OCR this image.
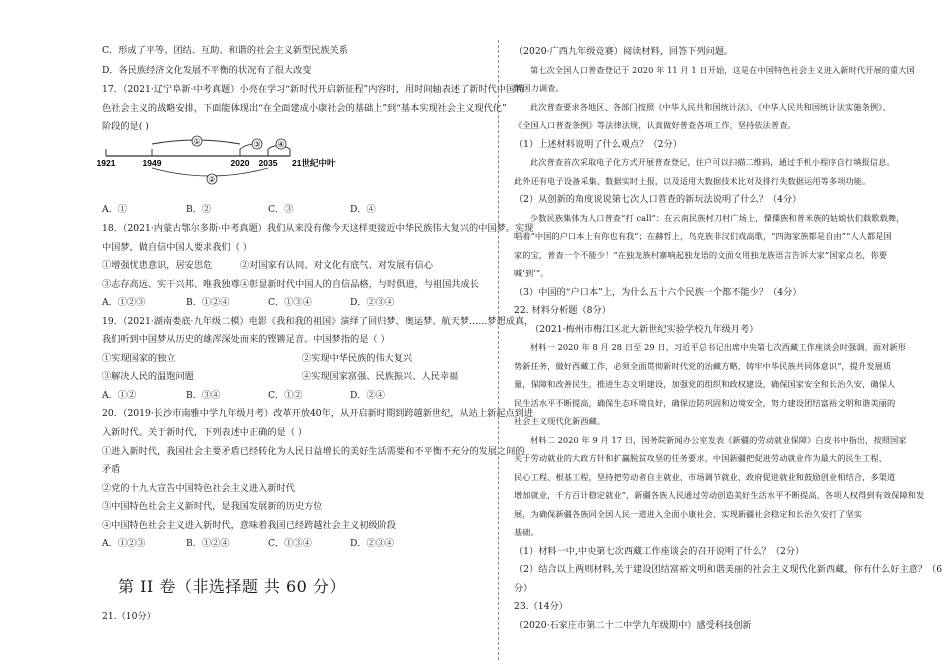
C．形成了平等、团结、互助、和谐的社会主义新型民族关系
D．各民族经济文化发展不平衡的状况有了很大改变
17．（2021·辽宁阜新·中考真题）小亮在学习“新时代开启新征程”内容时，用时间轴表述了新时代中国特
色社会主义的战略安排，下面能体现出“在全面建成小康社会的基础上”到“基本实现社会主义现代化”
阶段的是( )
①	③ ④
1921	1949	2020 2035 21世纪中叶
②
A．①	B．②	C．③	D．④
18．（2021·内蒙古鄂尔多斯·中考真题）我们从来没有像今天这样更接近中华民族伟大复兴的中国梦。实现
中国梦，做自信中国人要求我们（ ）
①增强忧患意识，居安思危	②对国家有认同、对文化有底气、对发展有信心
③志存高远、实干兴邦、唯我独尊 ④彰显新时代中国人的自信品格，与时俱进，与祖国共成长
A．①②③	B．①②④	C．①③④	D．②③④
19．（2021·湖南娄底·九年级二模）电影《我和我的祖国》演绎了回归梦、奥运梦、航天梦……梦想成真，
我们听到中国梦从历史的雄浑深处而来的铿锵足音。中国梦指的是（ ）
①实现国家的独立	②实现中华民族的伟大复兴
③解决人民的温饱问题	④实现国家富强、民族振兴、人民幸福
A．①②	B．③④	C．①②	D．②④
20．（2019·长沙市南雅中学九年级月考）改革开放40年，从开启新时期到跨越新世纪，从站上新起点到进
入新时代。关于新时代，下列表述中正确的是（ ）
①进入新时代，我国社会主要矛盾已经转化为人民日益增长的美好生活需要和不平衡不充分的发展之间的
矛盾
②党的十九大宣告中国特色社会主义进入新时代
③中国特色社会主义新时代，是我国发展新的历史方位
④中国特色社会主义进入新时代，意味着我国已经跨越社会主义初级阶段
A．①②③	B．①②④	C．①③④	D．②③④
第 II 卷（非选择题 共 60 分）
21.（10分）
（2020·广西九年级竞赛）阅读材料，回答下列问题。
第七次全国人口普查登记于 2020 年 11 月 1 日开始，这是在中国特色社会主义进入新时代开展的重大国
情国力调查。
此次普查要求各地区、各部门按照《中华人民共和国统计法》、《中华人民共和国统计法实施条例》、
《全国人口普查条例》等法律法规，认真做好普查各项工作，坚持依法普查。
（1）上述材料说明了什么观点？（2分）
此次普查首次采取电子化方式开展普查登记，住户可以扫描二维码，通过手机小程序自行填报信息。
此外还有电子设备采集、数据实时上报，以及适用大数据技术比对及排行失数据运用等多项功能。
（2）从创新的角度说说第七次人口普查的新玩法说明了什么？（4分）
少数民族集体为人口普查“打 call”：在云南民族村刀村广场上，傈僳族和普米族的姑娘伙们载歌载舞，
唱着“中国的户口本上有你也有我”；在赫哲上，鸟克族非汉们戏高歌，“四海家族都是自由”“人人都是国
家的宝，普查一个不能少！”在独龙族村寨响起独龙语的文面女用独龙族语言告诉大家“国家点名，你要
喊‘到’”。
（3）中国的“户口本”上，为什么五十六个民族一个都不能少？（4分）
22. 材料分析题（8分）
（2021·梅州市梅江区北大新世纪实验学校九年级月考）
材料一 2020 年 8 月 28 日至 29 日，习近平总书记出席中央第七次西藏工作座谈会时强调，面对新形
势新任务，做好西藏工作，必须全面贯彻新时代党的治藏方略，铸牢中华民族共同体意识”，提升发展质
量，保障和改善民生，推进生态文明建设，加强党的组织和政权建设，确保国家安全和长治久安，确保人
民生活水平不断提高，确保生态环境良好，确保边防巩固和边境安全，努力建设团结富裕文明和谐美丽的
社会主义现代化新西藏。
材料二 2020 年 9 月 17 日，国务院新闻办公室发表《新疆的劳动就业保障》白皮书中指出，按照国家
关于劳动就业的大政方针和扩赢脱贫攻坚的任务要求，中国新疆把促进劳动就业作为最大的民生工程、
民心工程、根基工程，坚持把劳动者自主就业、市场调节就业、政府促进就业和鼓励创业相结合，多渠道
增加就业，千方百计稳定就业”，新疆各族人民通过劳动创造美好生活水平不断提高，各项人权得到有效保障和发
展，为确保新疆各族同全国人民一道进入全面小康社会、实现新疆社会稳定和长治久安打了坚实
基础。
（1）材料一中,中央第七次西藏工作座谈会的召开说明了什么？（2分）
（2）结合以上两则材料,关于建设团结富裕文明和谐美丽的社会主义现代化新西藏，你有什么好主意？（6
分）
23.（14分）
（2020·石家庄市第二十二中学九年级期中）感受科技创新
